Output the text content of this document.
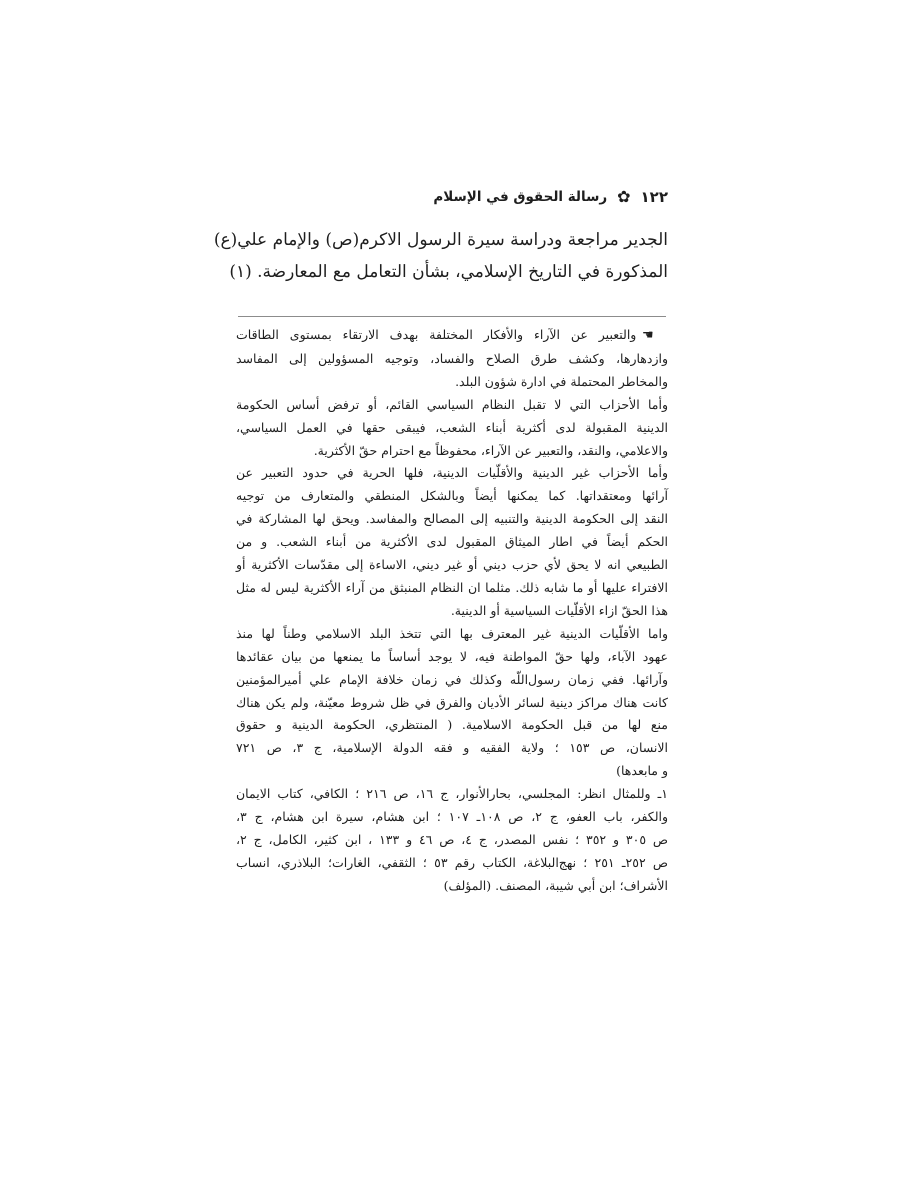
١٢٢
✿
رسالة الحقوق في الإسلام
الجدير مراجعة ودراسة سيرة الرسول الاكرم(ص) والإمام علي(ع)
المذكورة في التاريخ الإسلامي، بشأن التعامل مع المعارضة. (١)
☛والتعبير عن الآراء والأفكار المختلفة بهدف الارتقاء بمستوى الطاقات
وازدهارها، وكشف طرق الصلاح والفساد، وتوجيه المسؤولين إلى المفاسد
والمخاطر المحتملة في ادارة شؤون البلد.
وأما الأحزاب التي لا تقبل النظام السياسي القائم، أو ترفض أساس الحكومة
الدينية المقبولة لدى أكثرية أبناء الشعب، فيبقى حقها في العمل السياسي،
والاعلامي، والنقد، والتعبير عن الآراء، محفوظاً مع احترام حقّ الأكثرية.
وأما الأحزاب غير الدينية والأقلّيات الدينية، فلها الحرية في حدود التعبير عن
آرائها ومعتقداتها. كما يمكنها أيضاً وبالشكل المنطقي والمتعارف من توجيه
النقد إلى الحكومة الدينية والتنبيه إلى المصالح والمفاسد. ويحق لها المشاركة في
الحكم أيضاً في اطار الميثاق المقبول لدى الأكثرية من أبناء الشعب. و من
الطبيعي انه لا يحق لأي حزب ديني أو غير ديني، الاساءة إلى مقدّسات الأكثرية أو
الافتراء عليها أو ما شابه ذلك. مثلما ان النظام المنبثق من آراء الأكثرية ليس له مثل
هذا الحقّ ازاء الأقلّيات السياسية أو الدينية.
واما الأقلّيات الدينية غير المعترف بها التي تتخذ البلد الاسلامي وطناً لها منذ
عهود الآباء، ولها حقّ المواطنة فيه، لا يوجد أساساً ما يمنعها من بيان عقائدها
وآرائها. ففي زمان رسول‌اللّه وكذلك في زمان خلافة الإمام علي أميرالمؤمنين
كانت هناك مراكز دينية لسائر الأديان والفرق في ظل شروط معيّنة، ولم يكن هناك
منع لها من قبل الحكومة الاسلامية. ( المنتظري، الحكومة الدينية و حقوق
الانسان، ص ١٥٣ ؛ ولاية الفقيه و فقه الدولة الإسلامية، ج ٣، ص ٧٢١
و مابعدها)
١ـ وللمثال انظر: المجلسي، بحارالأنوار، ج ١٦، ص ٢١٦ ؛ الكافي، كتاب الايمان
والكفر، باب العفو، ج ٢، ص ١٠٨ـ ١٠٧ ؛ ابن هشام، سيرة ابن هشام، ج ٣،
ص ٣٠٥ و ٣٥٢ ؛ نفس المصدر، ج ٤، ص ٤٦ و ١٣٣ ، ابن كثير، الكامل، ج ٢،
ص ٢٥٢ـ ٢٥١ ؛ نهج‌البلاغة، الكتاب رقم ٥٣ ؛ الثقفي، الغارات؛ البلاذري، انساب
الأشراف؛ ابن أبي شيبة، المصنف. (المؤلف)
